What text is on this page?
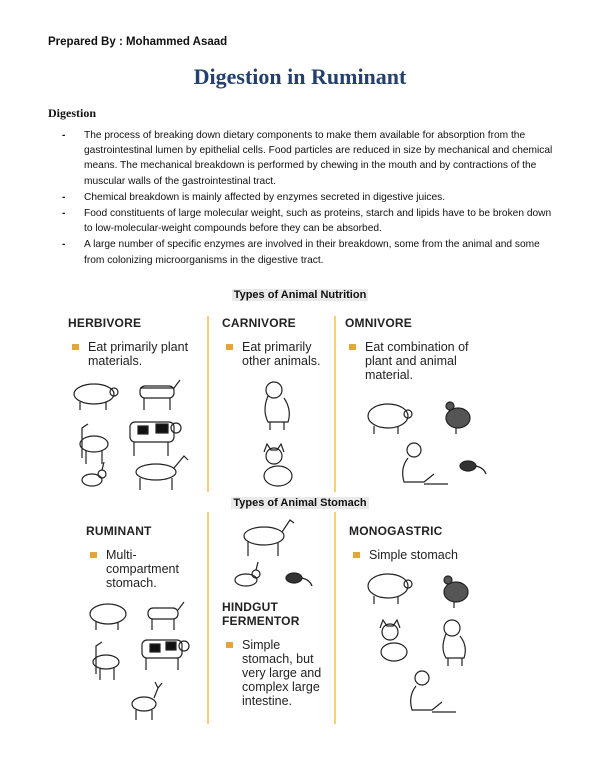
Prepared By : Mohammed Asaad
Digestion in Ruminant
Digestion
- The process of breaking down dietary components to make them available for absorption from the gastrointestinal lumen by epithelial cells. Food particles are reduced in size by mechanical and chemical means. The mechanical breakdown is performed by chewing in the mouth and by contractions of the muscular walls of the gastrointestinal tract.
- Chemical breakdown is mainly affected by enzymes secreted in digestive juices.
- Food constituents of large molecular weight, such as proteins, starch and lipids have to be broken down to low-molecular-weight compounds before they can be absorbed.
- A large number of specific enzymes are involved in their breakdown, some from the animal and some from colonizing microorganisms in the digestive tract.
Types of Animal Nutrition
HERBIVORE
Eat primarily plant materials.
CARNIVORE
Eat primarily other animals.
OMNIVORE
Eat combination of plant and animal material.
Types of Animal Stomach
RUMINANT
Multi-compartment stomach.
HINDGUT FERMENTOR
Simple stomach, but very large and complex large intestine.
MONOGASTRIC
Simple stomach
